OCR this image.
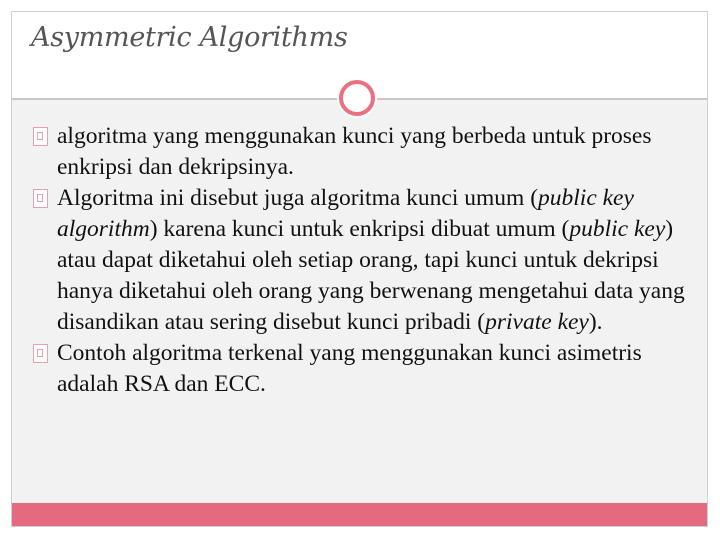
Asymmetric Algorithms
algoritma yang menggunakan kunci yang berbeda untuk proses enkripsi dan dekripsinya.
Algoritma ini disebut juga algoritma kunci umum (public key algorithm) karena kunci untuk enkripsi dibuat umum (public key) atau dapat diketahui oleh setiap orang, tapi kunci untuk dekripsi hanya diketahui oleh orang yang berwenang mengetahui data yang disandikan atau sering disebut kunci pribadi (private key).
Contoh algoritma terkenal yang menggunakan kunci asimetris adalah RSA dan ECC.
